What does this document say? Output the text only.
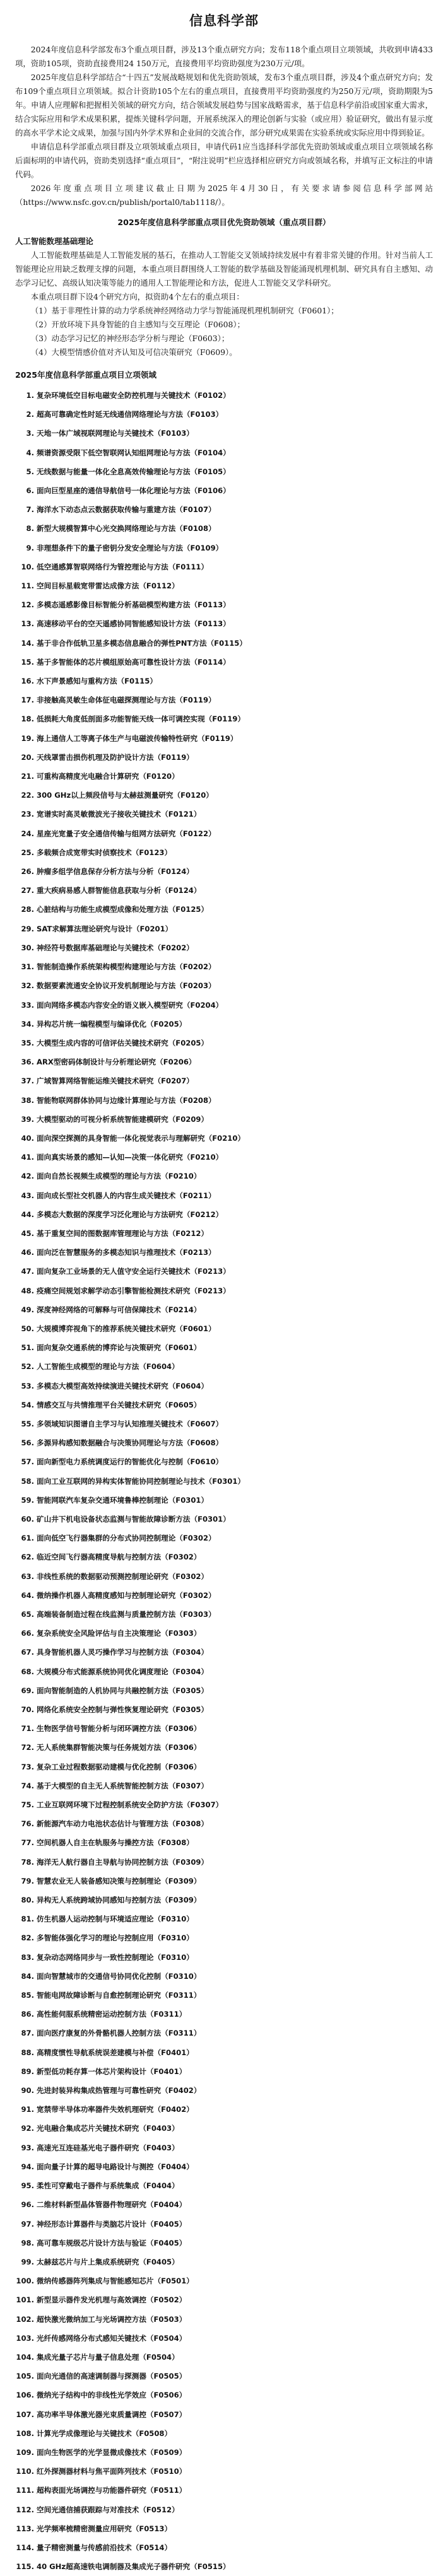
信息科学部

2024年度信息科学部发布3个重点项目群，涉及13个重点研究方向；发布118个重点项目立项领域，共收到申请433项，资助105项，资助直接费用24 150万元，直接费用平均资助强度为230万元/项。

2025年度信息科学部结合“十四五”发展战略规划和优先资助领域，发布3个重点项目群，涉及4个重点研究方向；发布109个重点项目立项领域。拟合计资助105个左右的重点项目，直接费用平均资助强度约为250万元/项，资助期限为5年。申请人应理解和把握相关领域的研究方向，结合领域发展趋势与国家战略需求，基于信息科学前沿或国家重大需求，结合实际应用和学术成果积累，提炼关键科学问题，开展系统深入的理论创新与实验（或应用）验证研究，做出有显示度的高水平学术论文成果，加强与国内外学术界和企业间的交流合作，部分研究成果需在实验系统或实际应用中得到验证。

申请信息科学部重点项目群及立项领域重点项目，申请代码1应当选择科学部优先资助领域或重点项目立项领域名称后面标明的申请代码，资助类别选择“重点项目”，“附注说明”栏应选择相应研究方向或领域名称，并填写正文标注的申请代码。

2026年度重点项目立项建议截止日期为2025年4月30日，有关要求请参阅信息科学部网站（https://www.nsfc.gov.cn/publish/portal0/tab1118/）。

2025年度信息科学部重点项目优先资助领域（重点项目群）

人工智能数理基础理论

人工智能数理基础是人工智能发展的基石，在推动人工智能交叉领域持续发展中有着非常关键的作用。针对当前人工智能理论应用缺乏数理支撑的问题，本重点项目群围绕人工智能的数学基础及智能涌现机理机制、研究具有自主感知、动态学习记忆、高级认知决策等能力的通用人工智能理论和方法，促进人工智能交叉学科研究。

本重点项目群下设4个研究方向，拟资助4个左右的重点项目：

（1）基于非理性计算的动力学系统神经网络动力学与智能涌现机理机制研究（F0601）；

（2）开放环境下具身智能的自主感知与交互理论（F0608）；

（3）动态学习记忆的神经形态学分析与理论（F0603）；

（4）大模型情感价值对齐认知及可信决策研究（F0609）。

2025年度信息科学部重点项目立项领域
1. 复杂环境低空目标电磁安全防控机理与关键技术（F0102）
2. 超高可靠确定性时延无线通信网络理论与方法（F0103）
3. 天地一体广域视联网理论与关键技术（F0103）
4. 频谱资源受限下低空智联网认知组网理论与方法（F0104）
5. 无线数据与能量一体化全息高效传输理论与方法（F0105）
6. 面向巨型星座的通信导航信号一体化理论与方法（F0106）
7. 海洋水下动态点云数据获取传输与重建方法（F0107）
8. 新型大规模智算中心光交换网络理论与方法（F0108）
9. 非理想条件下的量子密钥分发安全理论与方法（F0109）
10. 低空通感算智联网络行为管控理论与方法（F0111）
11. 空间目标星载宽带雷达成像方法（F0112）
12. 多模态遥感影像目标智能分析基础模型构建方法（F0113）
13. 高速移动平台的空天遥感协同智能感知设计方法（F0113）
14. 基于非合作低轨卫星多模态信息融合的弹性PNT方法（F0115）
15. 基于多智能体的芯片模组原始高可靠性设计方法（F0114）
16. 水下声景感知与重构方法（F0115）
17. 非接触高灵敏生命体征电磁探测理论与方法（F0119）
18. 低损耗大角度低剖面多功能智能天线一体可调控实现（F0119）
19. 海上通信人工等离子体生产与电磁波传输特性研究（F0119）
20. 天线罩雷击损伤机理及防护设计方法（F0119）
21. 可重构高精度光电融合计算研究（F0120）
22. 300 GHz以上频段信号与太赫兹测量研究（F0120）
23. 宽谱实时高灵敏微波光子接收关键技术（F0121）
24. 星座光宽量子安全通信传输与组网方法研究（F0122）
25. 多载频合成宽带实时侦察技术（F0123）
26. 肿瘤多组学信息保存分析方法与分析（F0124）
27. 重大疾病易感人群智能信息获取与分析（F0124）
28. 心脏结构与功能生成模型成像和处理方法（F0125）
29. SAT求解算法理论研究与设计（F0201）
30. 神经符号数据库基础理论与关键技术（F0202）
31. 智能制造操作系统架构模型构建理论与方法（F0202）
32. 数据要素流通安全协议开发机制理论与方法（F0203）
33. 面向网络多模态内容安全的语义嵌入模型研究（F0204）
34. 异构芯片统一编程模型与编译优化（F0205）
35. 大模型生成内容的可信评估关键技术研究（F0205）
36. ARX型密码体制设计与分析理论研究（F0206）
37. 广域智算网络智能运维关键技术研究（F0207）
38. 智能物联网群体协同与边缘计算理论与方法（F0208）
39. 大模型驱动的可视分析系统智能建模研究（F0209）
40. 面向深空探测的具身智能一体化视觉表示与理解研究（F0210）
41. 面向真实场景的感知—认知—决策一体化研究（F0210）
42. 面向自然长视频生成模型的理论与方法（F0210）
43. 面向成长型社交机器人的内容生成关键技术（F0211）
44. 多模态大数据的深度学习泛化理论与方法研究（F0212）
45. 基于重复空间的图数据库管理理论与方法（F0212）
46. 面向泛在智慧服务的多模态知识与推理技术（F0213）
47. 面向复杂工业场景的无人值守安全运行关键技术（F0213）
48. 疫痛空间规划求解学动态引擎智能检测技术研究（F0213）
49. 深度神经网络的可解释与可信保障技术（F0214）
50. 大规模博弈视角下的推荐系统关键技术研究（F0601）
51. 面向复杂交通系统的博弈论与决策研究（F0601）
52. 人工智能生成模型的理论与方法（F0604）
53. 多模态大模型高效持续演进关键技术研究（F0604）
54. 情感交互与共情推理平台关键技术研究（F0605）
55. 多领域知识图谱自主学习与认知推理关键技术（F0607）
56. 多源异构感知数据融合与决策协同理论与方法（F0608）
57. 面向新型电力系统调度运行的智能优化与控制（F0610）
58. 面向工业互联网的异构实体智能协同控制理论与技术（F0301）
59. 智能网联汽车复杂交通环境鲁棒控制理论（F0301）
60. 矿山井下机电设备状态监测与智能故障诊断方法（F0301）
61. 面向低空飞行器集群的分布式协同控制理论（F0302）
62. 临近空间飞行器高精度导航与控制方法（F0302）
63. 非线性系统的数据驱动预测控制理论研究（F0302）
64. 微纳操作机器人高精度感知与控制理论研究（F0302）
65. 高端装备制造过程在线监测与质量控制方法（F0303）
66. 复杂系统安全风险评估与自主决策理论（F0303）
67. 具身智能机器人灵巧操作学习与控制方法（F0304）
68. 大规模分布式能源系统协同优化调度理论（F0304）
69. 面向智能制造的人机协同与共融控制方法（F0305）
70. 网络化系统安全控制与弹性恢复理论研究（F0305）
71. 生物医学信号智能分析与闭环调控方法（F0306）
72. 无人系统集群智能决策与任务规划方法（F0306）
73. 复杂工业过程数据驱动建模与优化控制（F0306）
74. 基于大模型的自主无人系统智能控制方法（F0307）
75. 工业互联网环境下过程控制系统安全防护方法（F0307）
76. 新能源汽车动力电池状态估计与管理方法（F0308）
77. 空间机器人自主在轨服务与操控方法（F0308）
78. 海洋无人航行器自主导航与协同控制方法（F0309）
79. 智慧农业无人装备感知决策与控制理论（F0309）
80. 异构无人系统跨域协同感知与控制方法（F0309）
81. 仿生机器人运动控制与环境适应理论（F0310）
82. 多智能体强化学习的理论与控制应用（F0310）
83. 复杂动态网络同步与一致性控制理论（F0310）
84. 面向智慧城市的交通信号协同优化控制（F0310）
85. 智能电网故障诊断与自愈控制理论研究（F0311）
86. 高性能伺服系统精密运动控制方法（F0311）
87. 面向医疗康复的外骨骼机器人控制方法（F0311）
88. 高精度惯性导航系统误差建模与补偿（F0401）
89. 新型低功耗存算一体芯片架构设计（F0401）
90. 先进封装异构集成热管理与可靠性研究（F0402）
91. 宽禁带半导体功率器件失效机理研究（F0402）
92. 光电融合集成芯片关键技术研究（F0403）
93. 高速光互连硅基光电子器件研究（F0403）
94. 面向量子计算的超导电路设计与测控（F0404）
95. 柔性可穿戴电子器件与系统集成（F0404）
96. 二维材料新型晶体管器件物理研究（F0404）
97. 神经形态计算器件与类脑芯片设计（F0405）
98. 高可靠车规级芯片设计方法与验证（F0405）
99. 太赫兹芯片与片上集成系统研究（F0405）
100. 微纳传感器阵列集成与智能感知芯片（F0501）
101. 新型显示器件发光机理与高效调控（F0502）
102. 超快激光微纳加工与光场调控方法（F0503）
103. 光纤传感网络分布式感知关键技术（F0504）
104. 集成光量子芯片与量子信息处理（F0504）
105. 面向光通信的高速调制器与探测器（F0505）
106. 微纳光子结构中的非线性光学效应（F0506）
107. 高功率半导体激光器光束质量调控（F0507）
108. 计算光学成像理论与关键技术（F0508）
109. 面向生物医学的光学显微成像技术（F0509）
110. 红外探测器材料与焦平面阵列技术（F0510）
111. 超构表面光场调控与功能器件研究（F0511）
112. 空间光通信捕获跟踪与对准技术（F0512）
113. 光学频率梳精密测量应用研究（F0513）
114. 量子精密测量与传感前沿技术（F0514）
115. 40 GHz超高速铁电调制器及集成光子器件研究（F0515）
